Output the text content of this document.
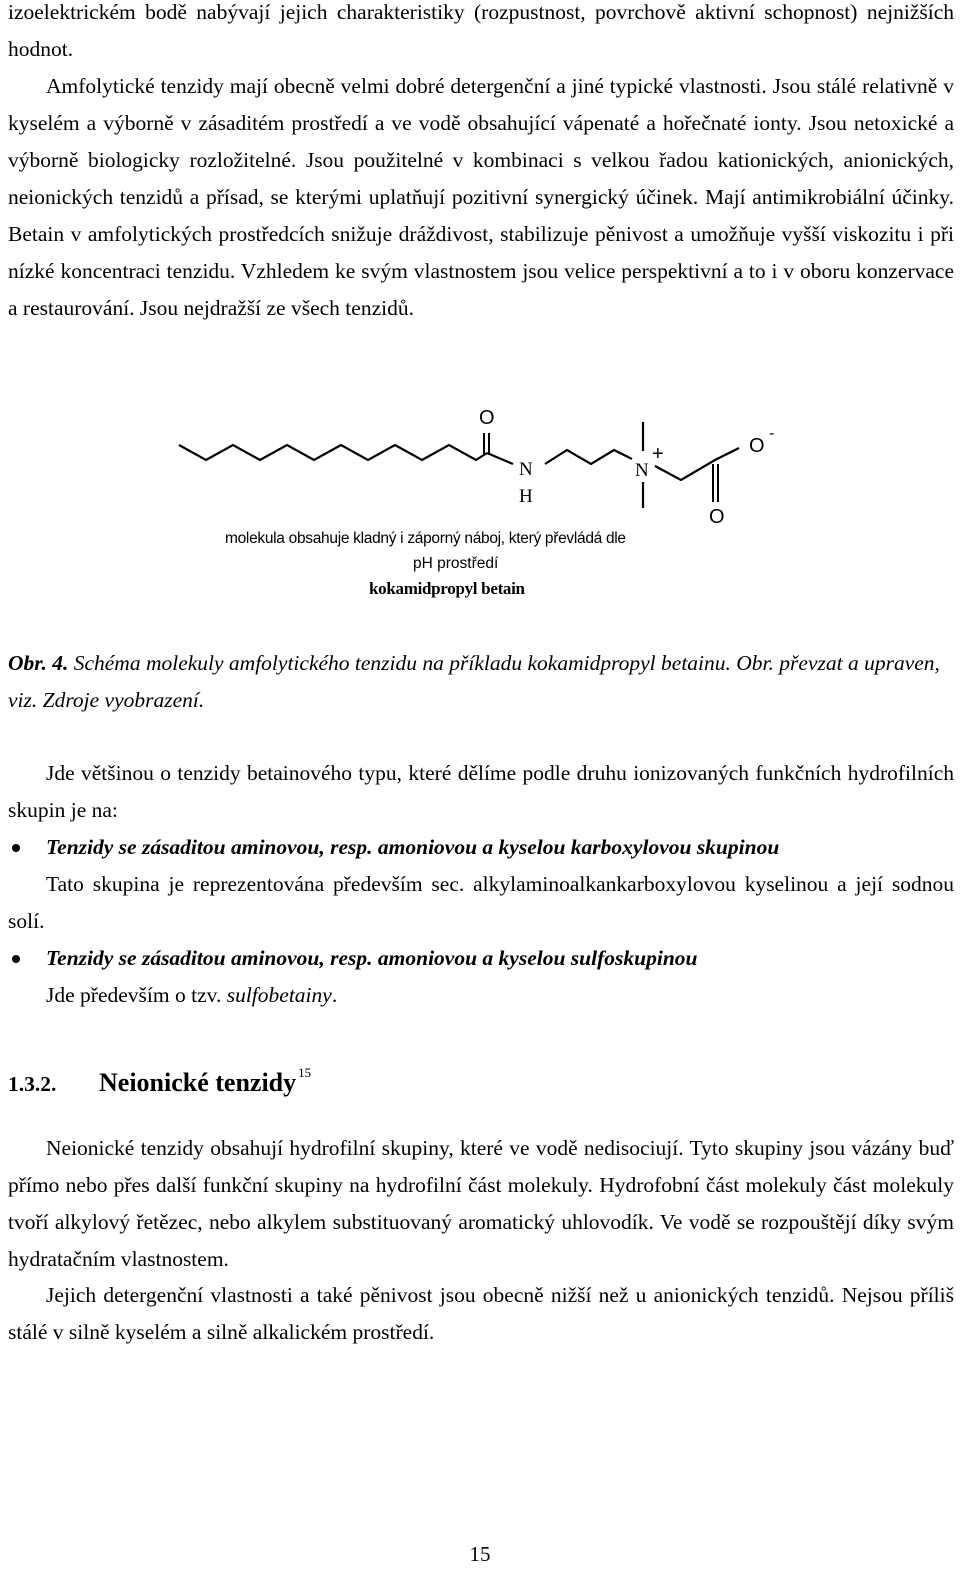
izoelektrickém bodě nabývají jejich charakteristiky (rozpustnost, povrchově aktivní schopnost) nejnižších hodnot.

Amfolytické tenzidy mají obecně velmi dobré detergenční a jiné typické vlastnosti. Jsou stálé relativně v kyselém a výborně v zásaditém prostředí a ve vodě obsahující vápenaté a hořečnaté ionty. Jsou netoxické a výborně biologicky rozložitelné. Jsou použitelné v kombinaci s velkou řadou kationických, anionických, neionických tenzidů a přísad, se kterými uplatňují pozitivní synergický účinek. Mají antimikrobiální účinky. Betain v amfolytických prostředcích snižuje dráždivost, stabilizuje pěnivost a umožňuje vyšší viskozitu i při nízké koncentraci tenzidu. Vzhledem ke svým vlastnostem jsou velice perspektivní a to i v oboru konzervace a restaurování. Jsou nejdražší ze všech tenzidů.

O
N
H
N
+	O
-
O
molekula obsahuje kladný i záporný náboj, který převládá dle
pH prostředí
kokamidpropyl betain
Obr. 4. Schéma molekuly amfolytického tenzidu na příkladu kokamidpropyl betainu. Obr. převzat a upraven, viz. Zdroje vyobrazení.

Jde většinou o tenzidy betainového typu, které dělíme podle druhu ionizovaných funkčních hydrofilních skupin je na:

Tenzidy se zásaditou aminovou, resp. amoniovou a kyselou karboxylovou skupinou

Tato skupina je reprezentována především sec. alkylaminoalkankarboxylovou kyselinou a její sodnou solí.

Tenzidy se zásaditou aminovou, resp. amoniovou a kyselou sulfoskupinou

Jde především o tzv. sulfobetainy.

1.3.2. Neionické tenzidy $^{15}$

Neionické tenzidy obsahují hydrofilní skupiny, které ve vodě nedisociují. Tyto skupiny jsou vázány buď přímo nebo přes další funkční skupiny na hydrofilní část molekuly. Hydrofobní část molekuly část molekuly tvoří alkylový řetězec, nebo alkylem substituovaný aromatický uhlovodík. Ve vodě se rozpouštějí díky svým hydratačním vlastnostem.

Jejich detergenční vlastnosti a také pěnivost jsou obecně nižší než u anionických tenzidů. Nejsou příliš stálé v silně kyselém a silně alkalickém prostředí.

15
